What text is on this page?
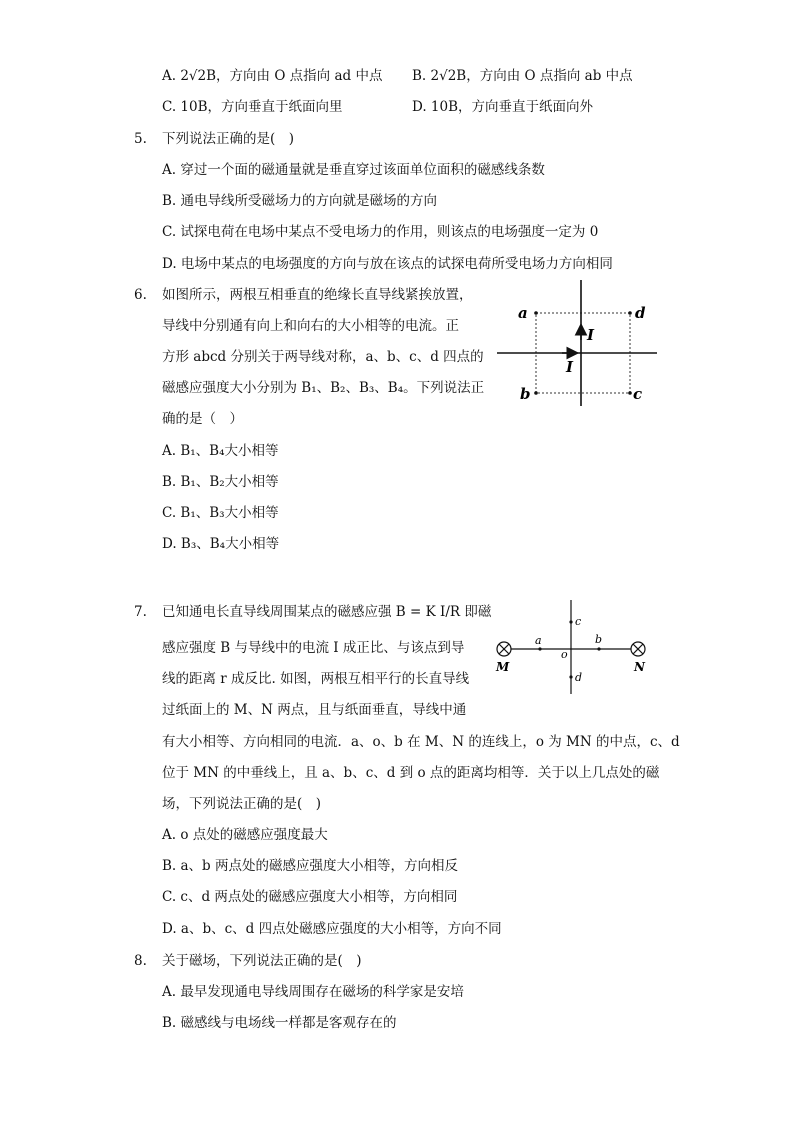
A. 2√2B，方向由 O 点指向 ad 中点 B. 2√2B，方向由 O 点指向 ab 中点
C. 10B，方向垂直于纸面向里	D. 10B，方向垂直于纸面向外
5. 下列说法正确的是(　)
A. 穿过一个面的磁通量就是垂直穿过该面单位面积的磁感线条数
B. 通电导线所受磁场力的方向就是磁场的方向
C. 试探电荷在电场中某点不受电场力的作用，则该点的电场强度一定为 0
D. 电场中某点的电场强度的方向与放在该点的试探电荷所受电场力方向相同
6. 如图所示，两根互相垂直的绝缘长直导线紧挨放置，
导线中分别通有向上和向右的大小相等的电流。正
方形 abcd 分别关于两导线对称，a、b、c、d 四点的
磁感应强度大小分别为 B₁、B₂、B₃、B₄。下列说法正
确的是（　）
A. B₁、B₄大小相等
B. B₁、B₂大小相等
C. B₁、B₃大小相等
D. B₃、B₄大小相等
a	d
b	c
I
I
7. 已知通电长直导线周围某点的磁感应强 B = K I/R 即磁
感应强度 B 与导线中的电流 I 成正比、与该点到导
线的距离 r 成反比. 如图，两根互相平行的长直导线
过纸面上的 M、N 两点，且与纸面垂直，导线中通
有大小相等、方向相同的电流．a、o、b 在 M、N 的连线上，o 为 MN 的中点，c、d
位于 MN 的中垂线上，且 a、b、c、d 到 o 点的距离均相等．关于以上几点处的磁
场，下列说法正确的是(　)
A. o 点处的磁感应强度最大
B. a、b 两点处的磁感应强度大小相等，方向相反
C. c、d 两点处的磁感应强度大小相等，方向相同
D. a、b、c、d 四点处磁感应强度的大小相等，方向不同
M	N
a	b
o
c
d
8. 关于磁场，下列说法正确的是(　)
A. 最早发现通电导线周围存在磁场的科学家是安培
B. 磁感线与电场线一样都是客观存在的
